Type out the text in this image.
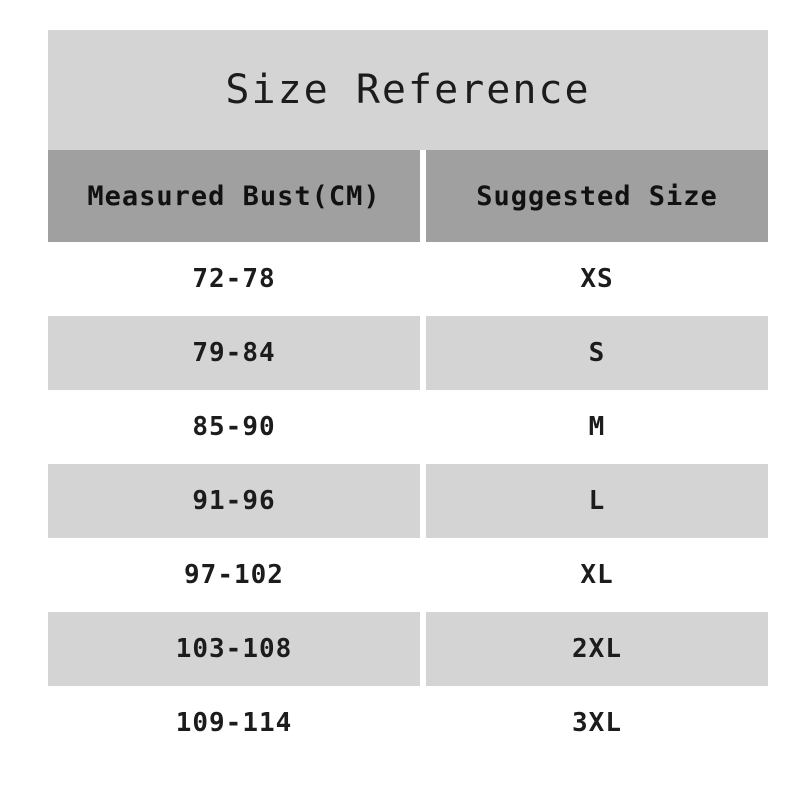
Size Reference
Measured Bust(CM)	Suggested Size
72-78	XS
79-84	S
85-90	M
91-96	L
97-102	XL
103-108	2XL
109-114	3XL
